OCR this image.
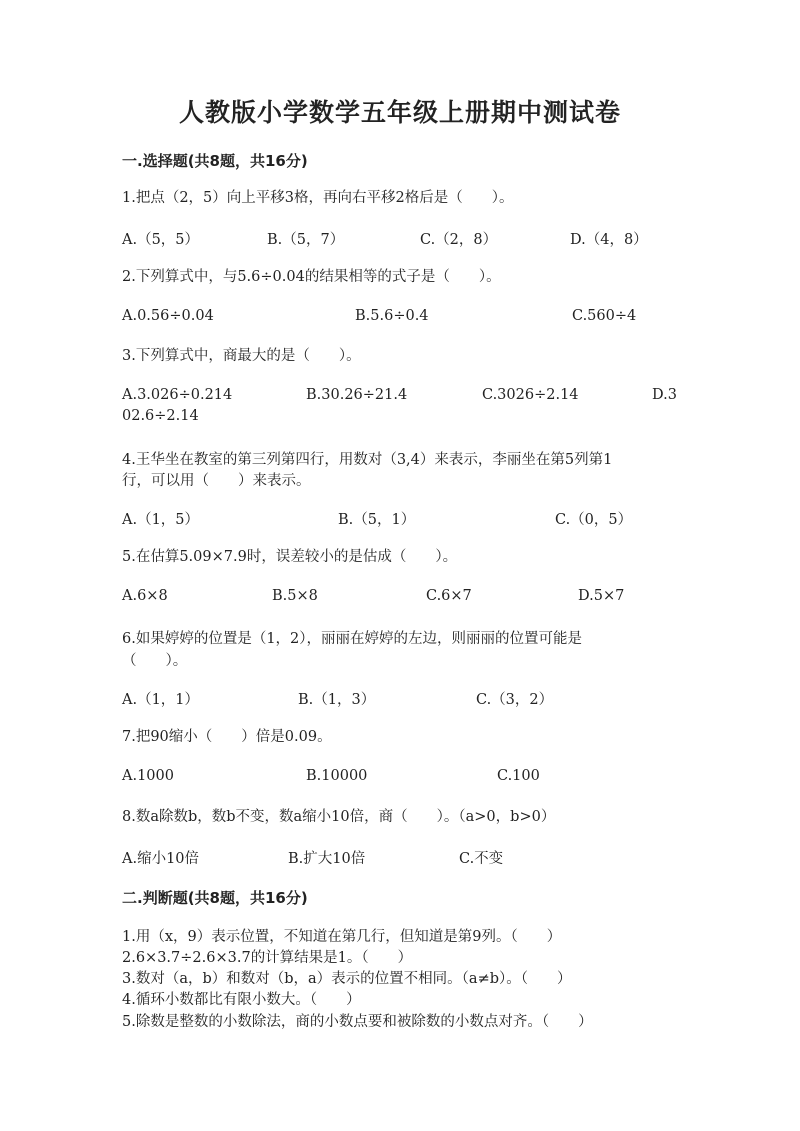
人教版小学数学五年级上册期中测试卷
一.选择题(共8题，共16分)
1.把点（2，5）向上平移3格，再向右平移2格后是（　　）。
A.（5，5）	B.（5，7）	C.（2，8）	D.（4，8）
2.下列算式中，与5.6÷0.04的结果相等的式子是（　　）。
A.0.56÷0.04	B.5.6÷0.4	C.560÷4
3.下列算式中，商最大的是（　　）。
A.3.026÷0.214	B.30.26÷21.4	C.3026÷2.14	D.3
02.6÷2.14
4.王华坐在教室的第三列第四行，用数对（3,4）来表示，李丽坐在第5列第1
行，可以用（　　）来表示。
A.（1，5）	B.（5，1）	C.（0，5）
5.在估算5.09×7.9时，误差较小的是估成（　　）。
A.6×8	B.5×8	C.6×7	D.5×7
6.如果婷婷的位置是（1，2），丽丽在婷婷的左边，则丽丽的位置可能是
（　　）。
A.（1，1）	B.（1，3）	C.（3，2）
7.把90缩小（　　）倍是0.09。
A.1000	B.10000	C.100
8.数a除数b，数b不变，数a缩小10倍，商（　　）。（a>0，b>0）
A.缩小10倍	B.扩大10倍	C.不变
二.判断题(共8题，共16分)
1.用（x，9）表示位置，不知道在第几行，但知道是第9列。（　　）
2.6×3.7÷2.6×3.7的计算结果是1。（　　）
3.数对（a，b）和数对（b，a）表示的位置不相同。（a≠b）。（　　）
4.循环小数都比有限小数大。（　　）
5.除数是整数的小数除法，商的小数点要和被除数的小数点对齐。（　　）
